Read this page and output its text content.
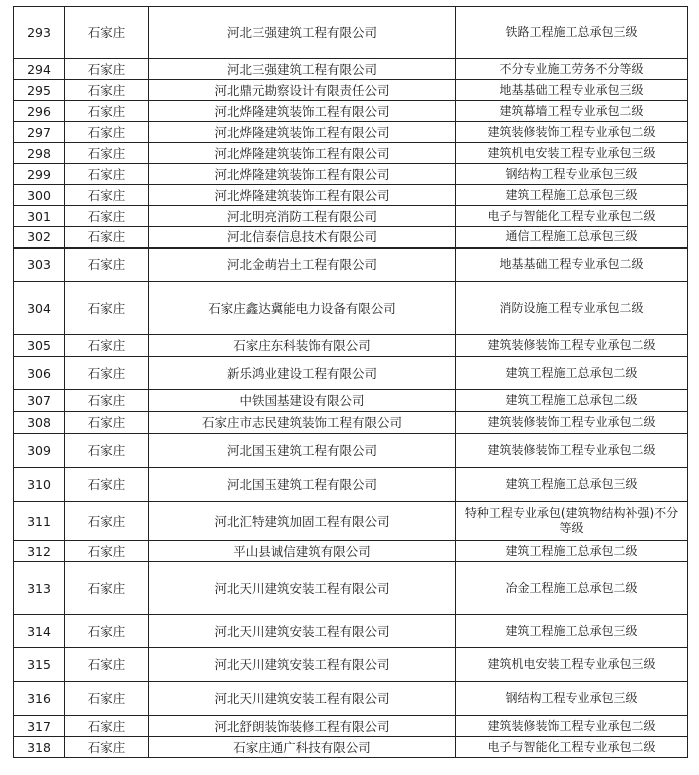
293	石家庄	河北三强建筑工程有限公司	铁路工程施工总承包三级
294	石家庄	河北三强建筑工程有限公司	不分专业施工劳务不分等级
295	石家庄	河北鼎元勘察设计有限责任公司	地基基础工程专业承包三级
296	石家庄	河北烨隆建筑装饰工程有限公司	建筑幕墙工程专业承包二级
297	石家庄	河北烨隆建筑装饰工程有限公司	建筑装修装饰工程专业承包二级
298	石家庄	河北烨隆建筑装饰工程有限公司	建筑机电安装工程专业承包三级
299	石家庄	河北烨隆建筑装饰工程有限公司	钢结构工程专业承包三级
300	石家庄	河北烨隆建筑装饰工程有限公司	建筑工程施工总承包三级
301	石家庄	河北明亮消防工程有限公司	电子与智能化工程专业承包二级
302	石家庄	河北信泰信息技术有限公司	通信工程施工总承包三级
303	石家庄	河北金萌岩土工程有限公司	地基基础工程专业承包二级
304	石家庄	石家庄鑫达冀能电力设备有限公司	消防设施工程专业承包二级
305	石家庄	石家庄东科装饰有限公司	建筑装修装饰工程专业承包二级
306	石家庄	新乐鸿业建设工程有限公司	建筑工程施工总承包二级
307	石家庄	中铁国基建设有限公司	建筑工程施工总承包二级
308	石家庄	石家庄市志民建筑装饰工程有限公司	建筑装修装饰工程专业承包二级
309	石家庄	河北国玉建筑工程有限公司	建筑装修装饰工程专业承包二级
310	石家庄	河北国玉建筑工程有限公司	建筑工程施工总承包三级
311	石家庄	河北汇特建筑加固工程有限公司	特种工程专业承包(建筑物结构补强)不分等级
312	石家庄	平山县诚信建筑有限公司	建筑工程施工总承包二级
313	石家庄	河北天川建筑安装工程有限公司	冶金工程施工总承包二级
314	石家庄	河北天川建筑安装工程有限公司	建筑工程施工总承包三级
315	石家庄	河北天川建筑安装工程有限公司	建筑机电安装工程专业承包三级
316	石家庄	河北天川建筑安装工程有限公司	钢结构工程专业承包三级
317	石家庄	河北舒朗装饰装修工程有限公司	建筑装修装饰工程专业承包二级
318	石家庄	石家庄通广科技有限公司	电子与智能化工程专业承包二级
